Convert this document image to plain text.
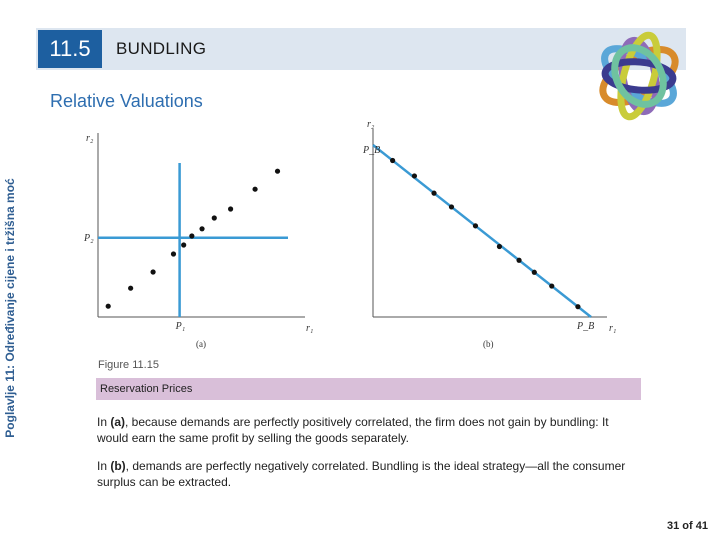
11.5	BUNDLING
Relative Valuations
Poglavlje 11: Određivanje cijene i tržišna moć
r₂
P₂
P₁	r₁
(a)
r₂
P_B
P_B r₁
(b)
Figure 11.15
Reservation Prices
In (a), because demands are perfectly positively correlated, the firm does not gain by bundling: It would earn the same profit by selling the goods separately.
In (b), demands are perfectly negatively correlated. Bundling is the ideal strategy—all the consumer surplus can be extracted.
31 of 41
